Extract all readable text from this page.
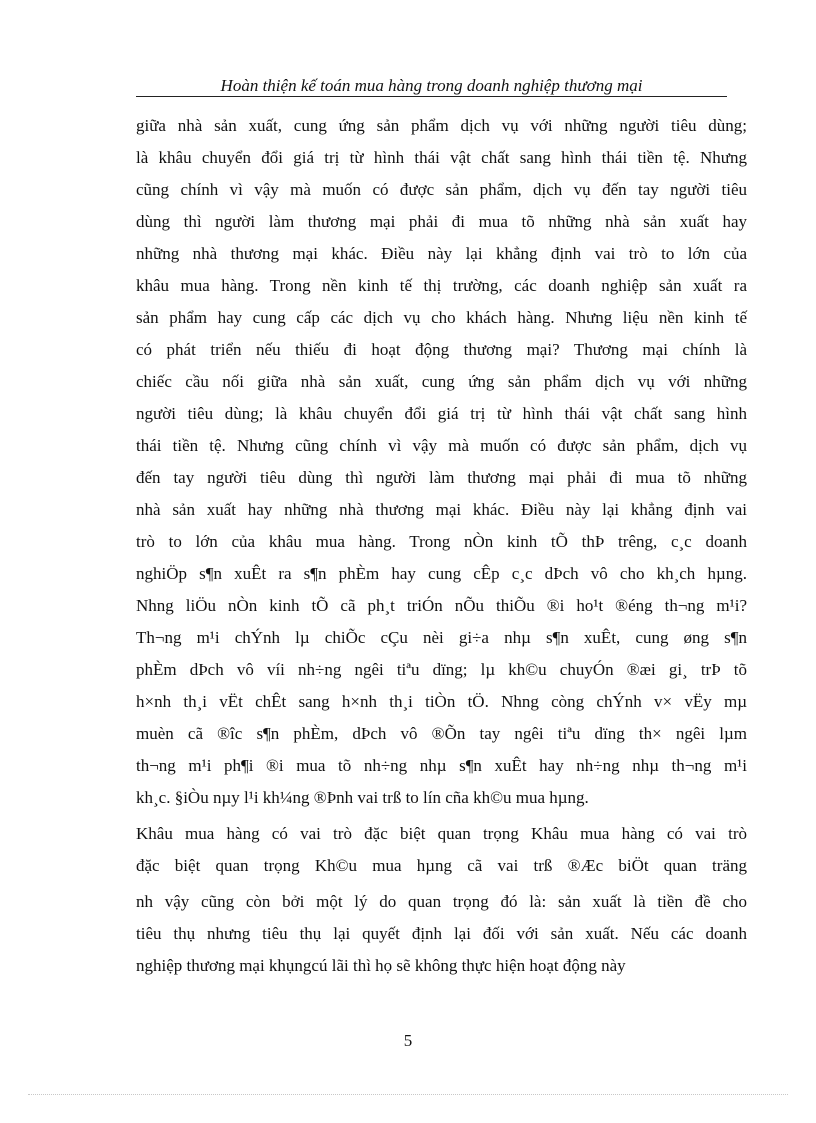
Hoàn thiện kế toán mua hàng trong doanh nghiệp thương mại
giữa nhà sản xuất, cung ứng sản phẩm dịch vụ với những người tiêu dùng;
là khâu chuyển đổi giá trị từ hình thái vật chất sang hình thái tiền tệ. Nhưng
cũng chính vì vậy mà muốn có được sản phẩm, dịch vụ đến tay người tiêu
dùng thì người làm thương mại phải đi mua tõ những nhà sản xuất hay
những nhà thương mại khác. Điều này lại khẳng định vai trò to lớn của
khâu mua hàng. Trong nền kinh tế thị trường, các doanh nghiệp sản xuất ra
sản phẩm hay cung cấp các dịch vụ cho khách hàng. Nhưng liệu nền kinh tế
có phát triển nếu thiếu đi hoạt động thương mại? Thương mại chính là
chiếc cầu nối giữa nhà sản xuất, cung ứng sản phẩm dịch vụ với những
người tiêu dùng; là khâu chuyển đổi giá trị từ hình thái vật chất sang hình
thái tiền tệ. Nhưng cũng chính vì vậy mà muốn có được sản phẩm, dịch vụ
đến tay người tiêu dùng thì người làm thương mại phải đi mua tõ những
nhà sản xuất hay những nhà thương mại khác. Điều này lại khẳng định vai
trò to lớn của khâu mua hàng. Trong nÒn kinh tÕ thÞ trêng, c¸c doanh
nghiÖp s¶n xuÊt ra s¶n phÈm hay cung cÊp c¸c dÞch vô cho kh¸ch hµng.
Nhng liÖu nÒn kinh tÕ cã ph¸t triÓn nÕu thiÕu ®i ho¹t ®éng th¬ng m¹i?
Th¬ng m¹i chÝnh lµ chiÕc cÇu nèi gi÷a nhµ s¶n xuÊt, cung øng s¶n
phÈm dÞch vô víi nh÷ng ngêi tiªu dïng; lµ kh©u chuyÓn ®æi gi¸ trÞ tõ
h×nh th¸i vËt chÊt sang h×nh th¸i tiÒn tÖ. Nhng còng chÝnh v× vËy mµ
muèn cã ®îc s¶n phÈm, dÞch vô ®Õn tay ngêi tiªu dïng th× ngêi lµm
th¬ng m¹i ph¶i ®i mua tõ nh÷ng nhµ s¶n xuÊt hay nh÷ng nhµ th¬ng m¹i
kh¸c. §iÒu nµy l¹i kh¼ng ®Þnh vai trß to lín cña kh©u mua hµng.
Khâu mua hàng có vai trò đặc biệt quan trọng Khâu mua hàng có vai trò
đặc biệt quan trọng Kh©u mua hµng cã vai trß ®Æc biÖt quan träng
nh vậy cũng còn bởi một lý do quan trọng đó là: sản xuất là tiền đề cho
tiêu thụ nhưng tiêu thụ lại quyết định lại đối với sản xuất. Nếu các doanh
nghiệp thương mại khụngcú lãi thì họ sẽ không thực hiện hoạt động này
5
